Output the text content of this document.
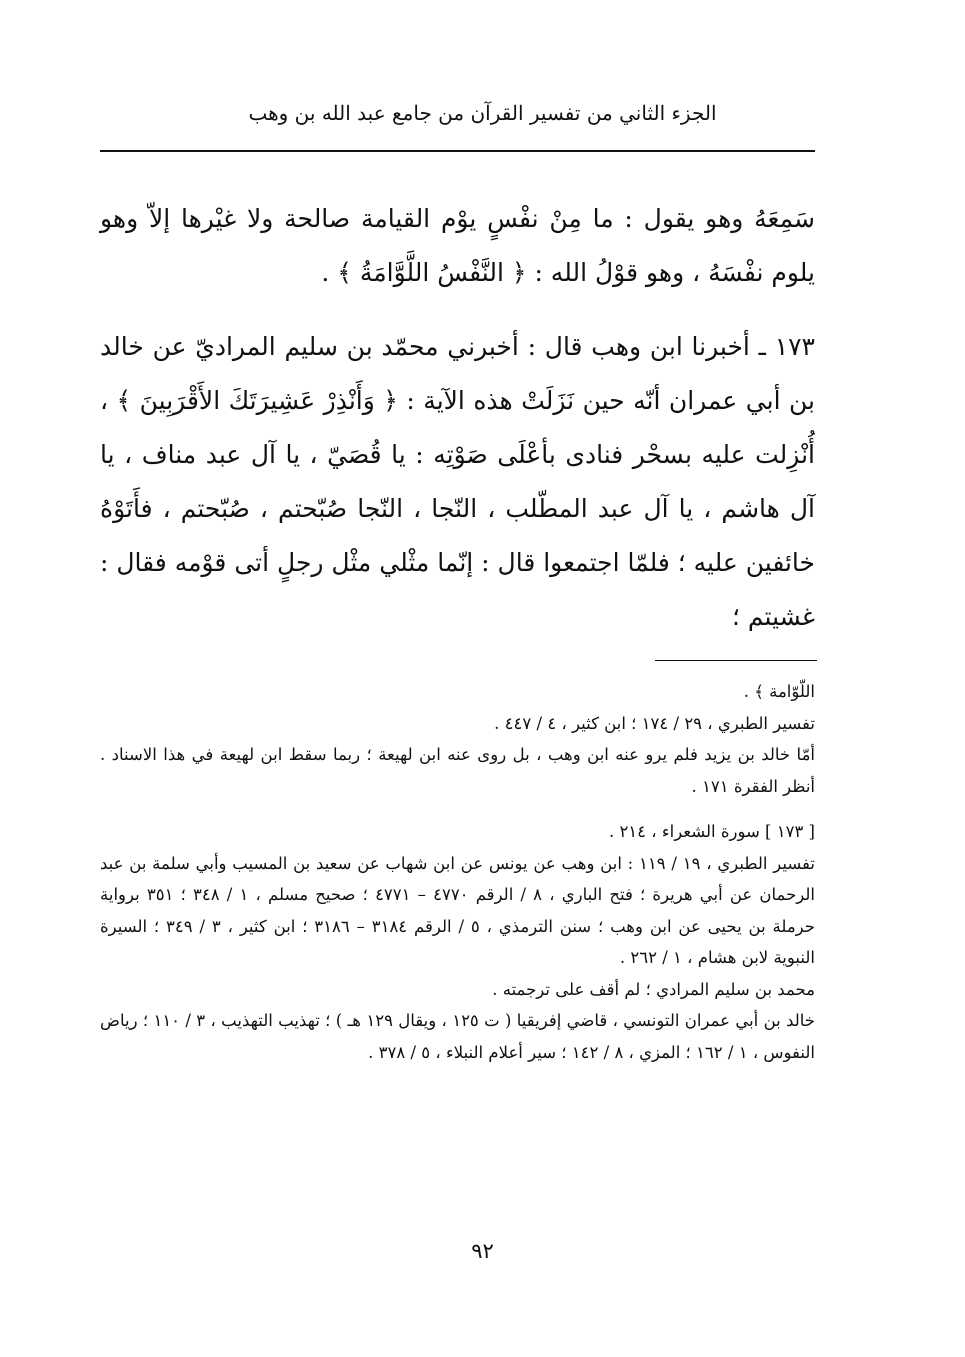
الجزء الثاني من تفسير القرآن من جامع عبد الله بن وهب

سَمِعَهُ وهو يقول : ما مِنْ نفْسٍ يوْم القيامة صالحة ولا غيْرها إلاّ وهو يلوم نفْسَهُ ، وهو قوْلُ الله : ﴿ النَّفْسُ اللَّوَّامَةُ ﴾ .

١٧٣ ـ أخبرنا ابن وهب قال : أخبرني محمّد بن سليم المراديّ عن خالد بن أبي عمران أنّه حين نَزَلَتْ هذه الآية : ﴿ وَأَنْذِرْ عَشِيرَتَكَ الأَقْرَبِينَ ﴾ ، أُنْزِلت عليه بسحْر فنادى بأعْلَى صَوْتِه : يا قُصَيّ ، يا آل عبد مناف ، يا آل هاشم ، يا آل عبد المطّلب ، النّجا ، النّجا صُبّحتم ، صُبّحتم ، فأَتَوْهُ خائفين عليه ؛ فلمّا اجتمعوا قال : إنّما مثْلي مثْل رجلٍ أتى قوْمه فقال : غشيتم ؛

اللّوّامة ﴾ .

تفسير الطبري ، ٢٩ / ١٧٤ ؛ ابن كثير ، ٤ / ٤٤٧ .

أمّا خالد بن يزيد فلم يرو عنه ابن وهب ، بل روى عنه ابن لهيعة ؛ ربما سقط ابن لهيعة في هذا الاسناد . أنظر الفقرة ١٧١ .

[ ١٧٣ ] سورة الشعراء ، ٢١٤ .

تفسير الطبري ، ١٩ / ١١٩ : ابن وهب عن يونس عن ابن شهاب عن سعيد بن المسيب وأبي سلمة بن عبد الرحمان عن أبي هريرة ؛ فتح الباري ، ٨ / الرقم ٤٧٧٠ – ٤٧٧١ ؛ صحيح مسلم ، ١ / ٣٤٨ ؛ ٣٥١ برواية حرملة بن يحيى عن ابن وهب ؛ سنن الترمذي ، ٥ / الرقم ٣١٨٤ – ٣١٨٦ ؛ ابن كثير ، ٣ / ٣٤٩ ؛ السيرة النبوية لابن هشام ، ١ / ٢٦٢ .

محمد بن سليم المرادي ؛ لم أقف على ترجمته .

خالد بن أبي عمران التونسي ، قاضي إفريقيا ( ت ١٢٥ ، ويقال ١٢٩ هـ ) ؛ تهذيب التهذيب ، ٣ / ١١٠ ؛ رياض النفوس ، ١ / ١٦٢ ؛ المزي ، ٨ / ١٤٢ ؛ سير أعلام النبلاء ، ٥ / ٣٧٨ .

٩٢
